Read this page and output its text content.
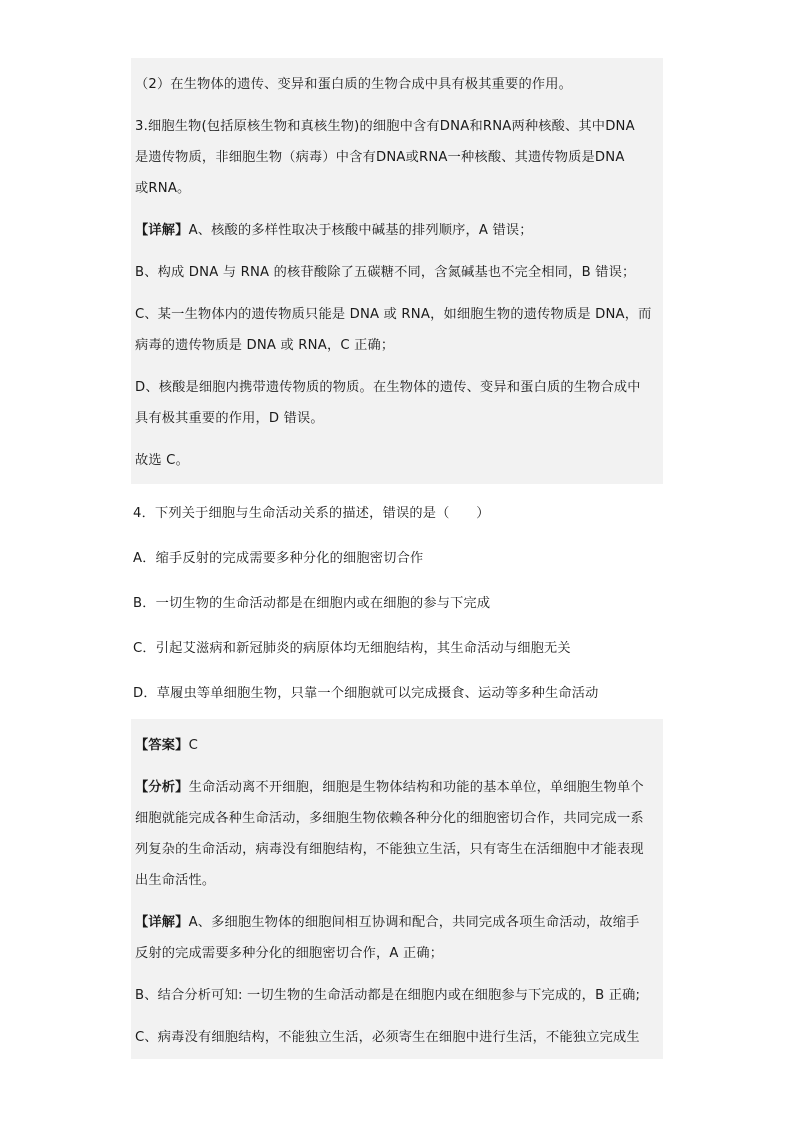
（2）在生物体的遗传、变异和蛋白质的生物合成中具有极其重要的作用。

3.细胞生物(包括原核生物和真核生物)的细胞中含有DNA和RNA两种核酸、其中DNA

是遗传物质，非细胞生物（病毒）中含有DNA或RNA一种核酸、其遗传物质是DNA

或RNA。

【详解】A、核酸的多样性取决于核酸中碱基的排列顺序，A 错误；

B、构成 DNA 与 RNA 的核苷酸除了五碳糖不同，含氮碱基也不完全相同，B 错误；

C、某一生物体内的遗传物质只能是 DNA 或 RNA，如细胞生物的遗传物质是 DNA，而

病毒的遗传物质是 DNA 或 RNA，C 正确；

D、核酸是细胞内携带遗传物质的物质。在生物体的遗传、变异和蛋白质的生物合成中

具有极其重要的作用，D 错误。

故选 C。

4．下列关于细胞与生命活动关系的描述，错误的是（　　）

A．缩手反射的完成需要多种分化的细胞密切合作

B．一切生物的生命活动都是在细胞内或在细胞的参与下完成

C．引起艾滋病和新冠肺炎的病原体均无细胞结构，其生命活动与细胞无关

D．草履虫等单细胞生物，只靠一个细胞就可以完成摄食、运动等多种生命活动

【答案】C

【分析】生命活动离不开细胞，细胞是生物体结构和功能的基本单位，单细胞生物单个

细胞就能完成各种生命活动，多细胞生物依赖各种分化的细胞密切合作，共同完成一系

列复杂的生命活动，病毒没有细胞结构，不能独立生活，只有寄生在活细胞中才能表现

出生命活性。

【详解】A、多细胞生物体的细胞间相互协调和配合，共同完成各项生命活动，故缩手

反射的完成需要多种分化的细胞密切合作，A 正确；

B、结合分析可知: 一切生物的生命活动都是在细胞内或在细胞参与下完成的，B 正确;

C、病毒没有细胞结构，不能独立生活，必须寄生在细胞中进行生活，不能独立完成生
